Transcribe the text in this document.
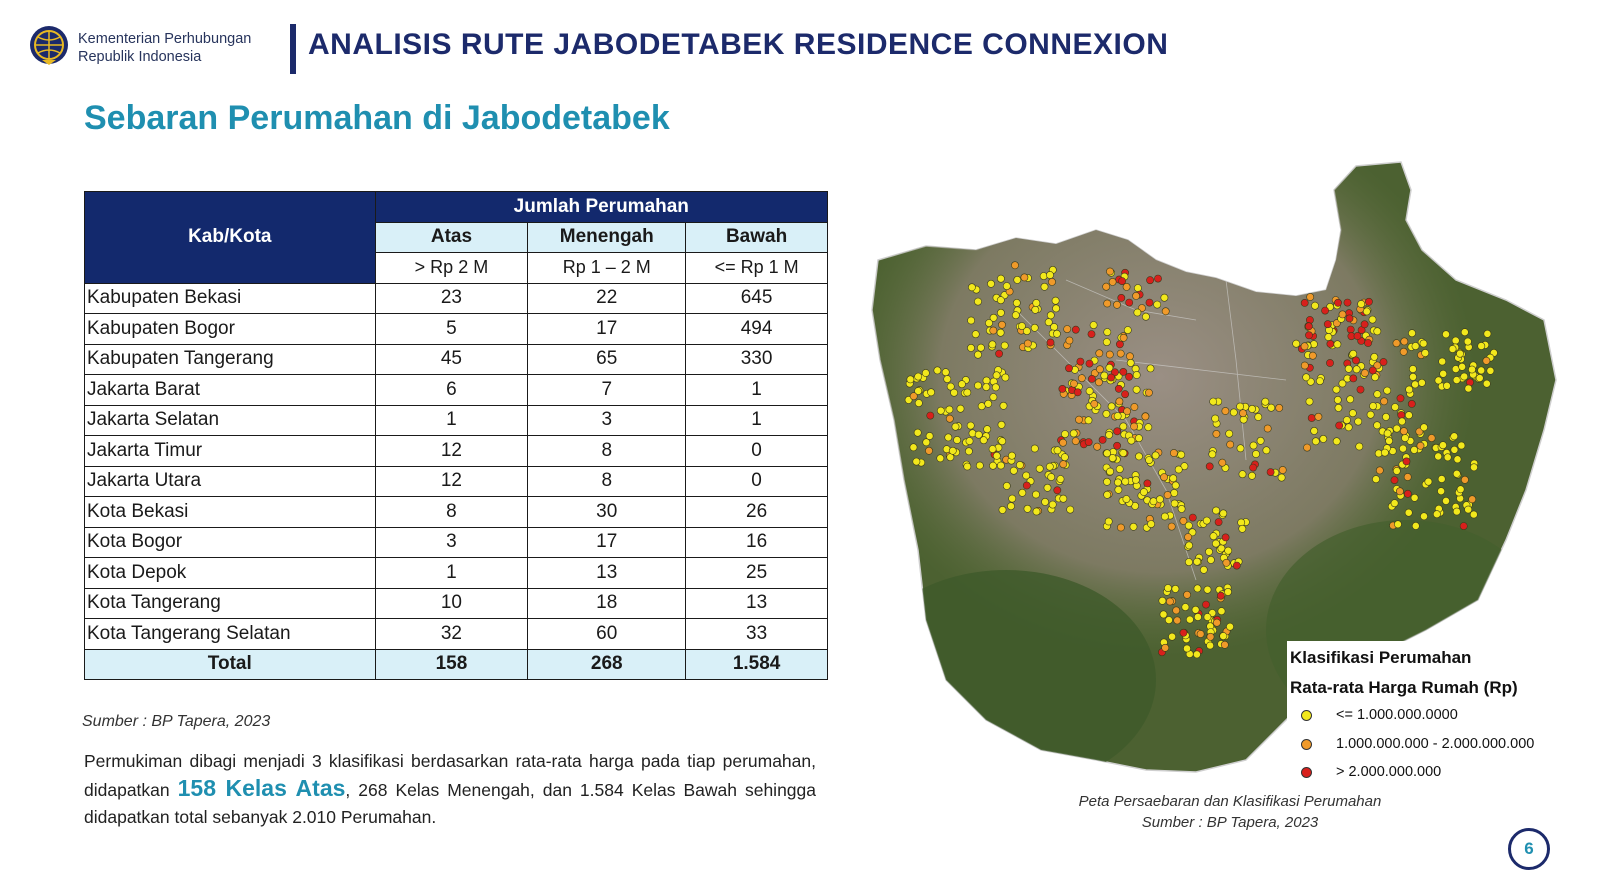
Kementerian Perhubungan
Republik Indonesia	ANALISIS RUTE JABODETABEK RESIDENCE CONNEXION
Sebaran Perumahan di Jabodetabek
Kab/Kota	Jumlah Perumahan		
	Atas	Menengah	Bawah
	> Rp 2 M	Rp 1 – 2 M	<= Rp 1 M
Kabupaten Bekasi	23	22	645
Kabupaten Bogor	5	17	494
Kabupaten Tangerang	45	65	330
Jakarta Barat	6	7	1
Jakarta Selatan	1	3	1
Jakarta Timur	12	8	0
Jakarta Utara	12	8	0
Kota Bekasi	8	30	26
Kota Bogor	3	17	16
Kota Depok	1	13	25
Kota Tangerang	10	18	13
Kota Tangerang Selatan	32	60	33
Total	158	268	1.584
Sumber : BP Tapera, 2023
Permukiman dibagi menjadi 3 klasifikasi berdasarkan rata-rata harga pada tiap perumahan, didapatkan 158 Kelas Atas, 268 Kelas Menengah, dan 1.584 Kelas Bawah sehingga didapatkan total sebanyak 2.010 Perumahan.
Klasifikasi Perumahan
Rata-rata Harga Rumah (Rp)
<= 1.000.000.0000
1.000.000.000 - 2.000.000.000
> 2.000.000.000
Peta Persaebaran dan Klasifikasi Perumahan
Sumber : BP Tapera, 2023
6
